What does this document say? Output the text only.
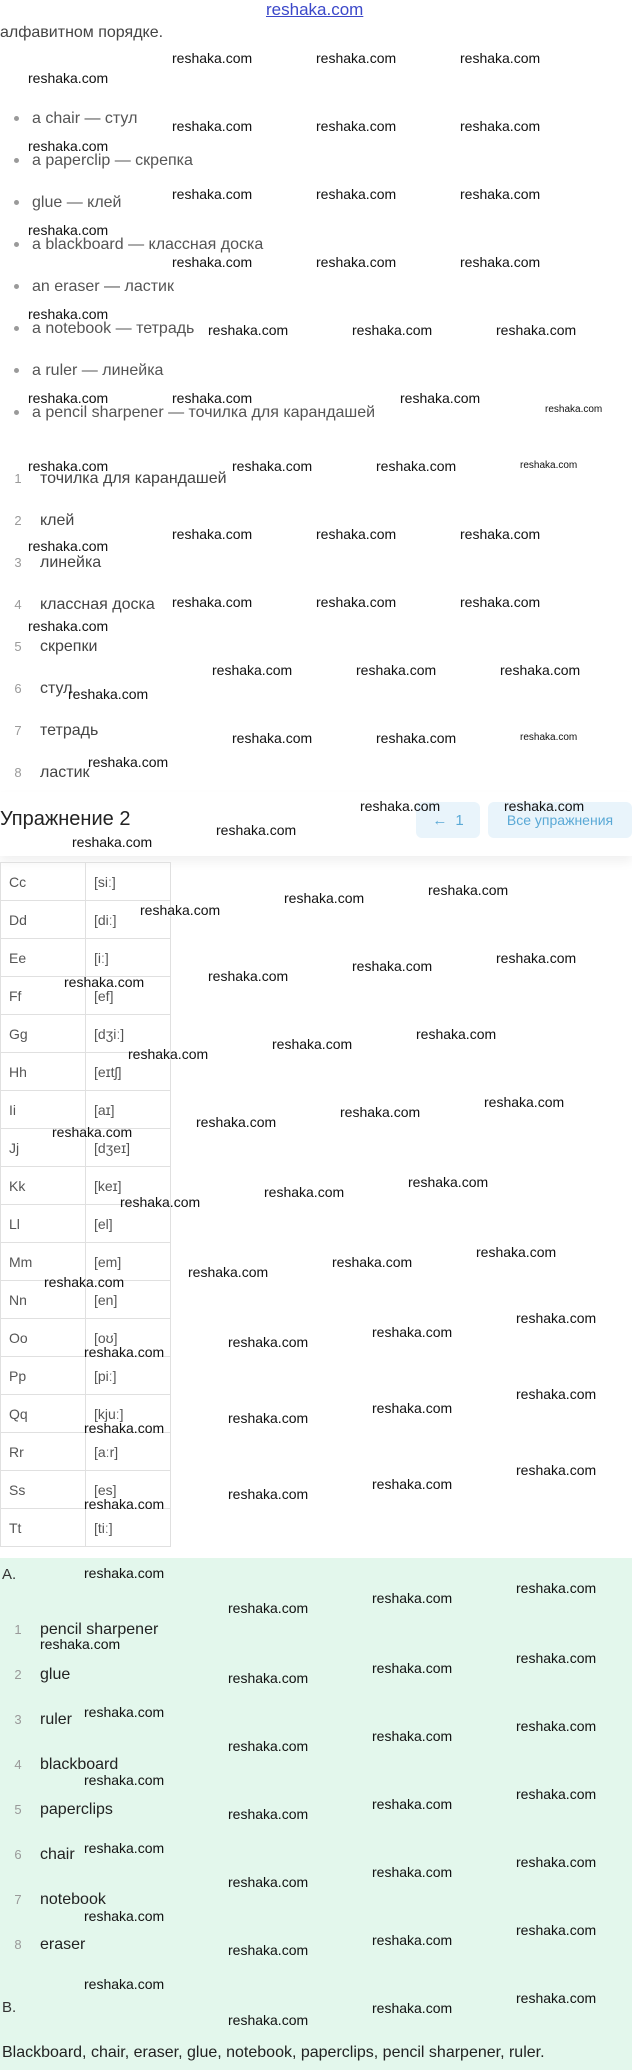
reshaka.com
алфавитном порядке.
a chair — стул
a paperclip — скрепка
glue — клей
a blackboard — классная доска
an eraser — ластик
a notebook — тетрадь
a ruler — линейка
a pencil sharpener — точилка для карандашей
1 точилка для карандашей
2 клей
3 линейка
4 классная доска
5 скрепки
6 стул
7 тетрадь
8 ластик
Упражнение 2	← 1	Все упражнения
Cc	[siː]
Dd	[diː]
Ee	[iː]
Ff	[ef]
Gg	[dʒiː]
Hh	[eɪtʃ]
Ii	[aɪ]
Jj	[dʒeɪ]
Kk	[keɪ]
Ll	[el]
Mm	[em]
Nn	[en]
Oo	[oʊ]
Pp	[piː]
Qq	[kjuː]
Rr	[aːr]
Ss	[es]
Tt	[tiː]
A.
1 pencil sharpener
2 glue
3 ruler
4 blackboard
5 paperclips
6 chair
7 notebook
8 eraser
B.
Blackboard, chair, eraser, glue, notebook, paperclips, pencil sharpener, ruler.
reshaka.com	reshaka.com	reshaka.com
reshaka.com
reshaka.com	reshaka.com	reshaka.com
reshaka.com
reshaka.com	reshaka.com	reshaka.com
reshaka.com
reshaka.com	reshaka.com	reshaka.com
reshaka.com
reshaka.com	reshaka.com	reshaka.com
reshaka.com	reshaka.com	reshaka.com
reshaka.com
reshaka.com	reshaka.com	reshaka.com	reshaka.com
reshaka.com	reshaka.com	reshaka.com
reshaka.com
reshaka.com	reshaka.com	reshaka.com
reshaka.com
reshaka.com	reshaka.com	reshaka.com
reshaka.com
reshaka.com	reshaka.com	reshaka.com
reshaka.com
reshaka.com	reshaka.com
reshaka.com
reshaka.com
reshaka.com
reshaka.com	reshaka.com
reshaka.com	reshaka.com
reshaka.com	reshaka.com
reshaka.com
reshaka.com
reshaka.com
reshaka.com
reshaka.com
reshaka.com
reshaka.com
reshaka.com
reshaka.com
reshaka.com
reshaka.com
reshaka.com
reshaka.com
reshaka.com
reshaka.com
reshaka.com
reshaka.com
reshaka.com
reshaka.com
reshaka.com
reshaka.com
reshaka.com
reshaka.com
reshaka.com
reshaka.com
reshaka.com
reshaka.com
reshaka.com
reshaka.com
reshaka.com
reshaka.com
reshaka.com
reshaka.com
reshaka.com
reshaka.com
reshaka.com
reshaka.com
reshaka.com
reshaka.com
reshaka.com
reshaka.com
reshaka.com
reshaka.com
reshaka.com
reshaka.com
reshaka.com
reshaka.com
reshaka.com
reshaka.com
reshaka.com
reshaka.com
reshaka.com
reshaka.com
reshaka.com
